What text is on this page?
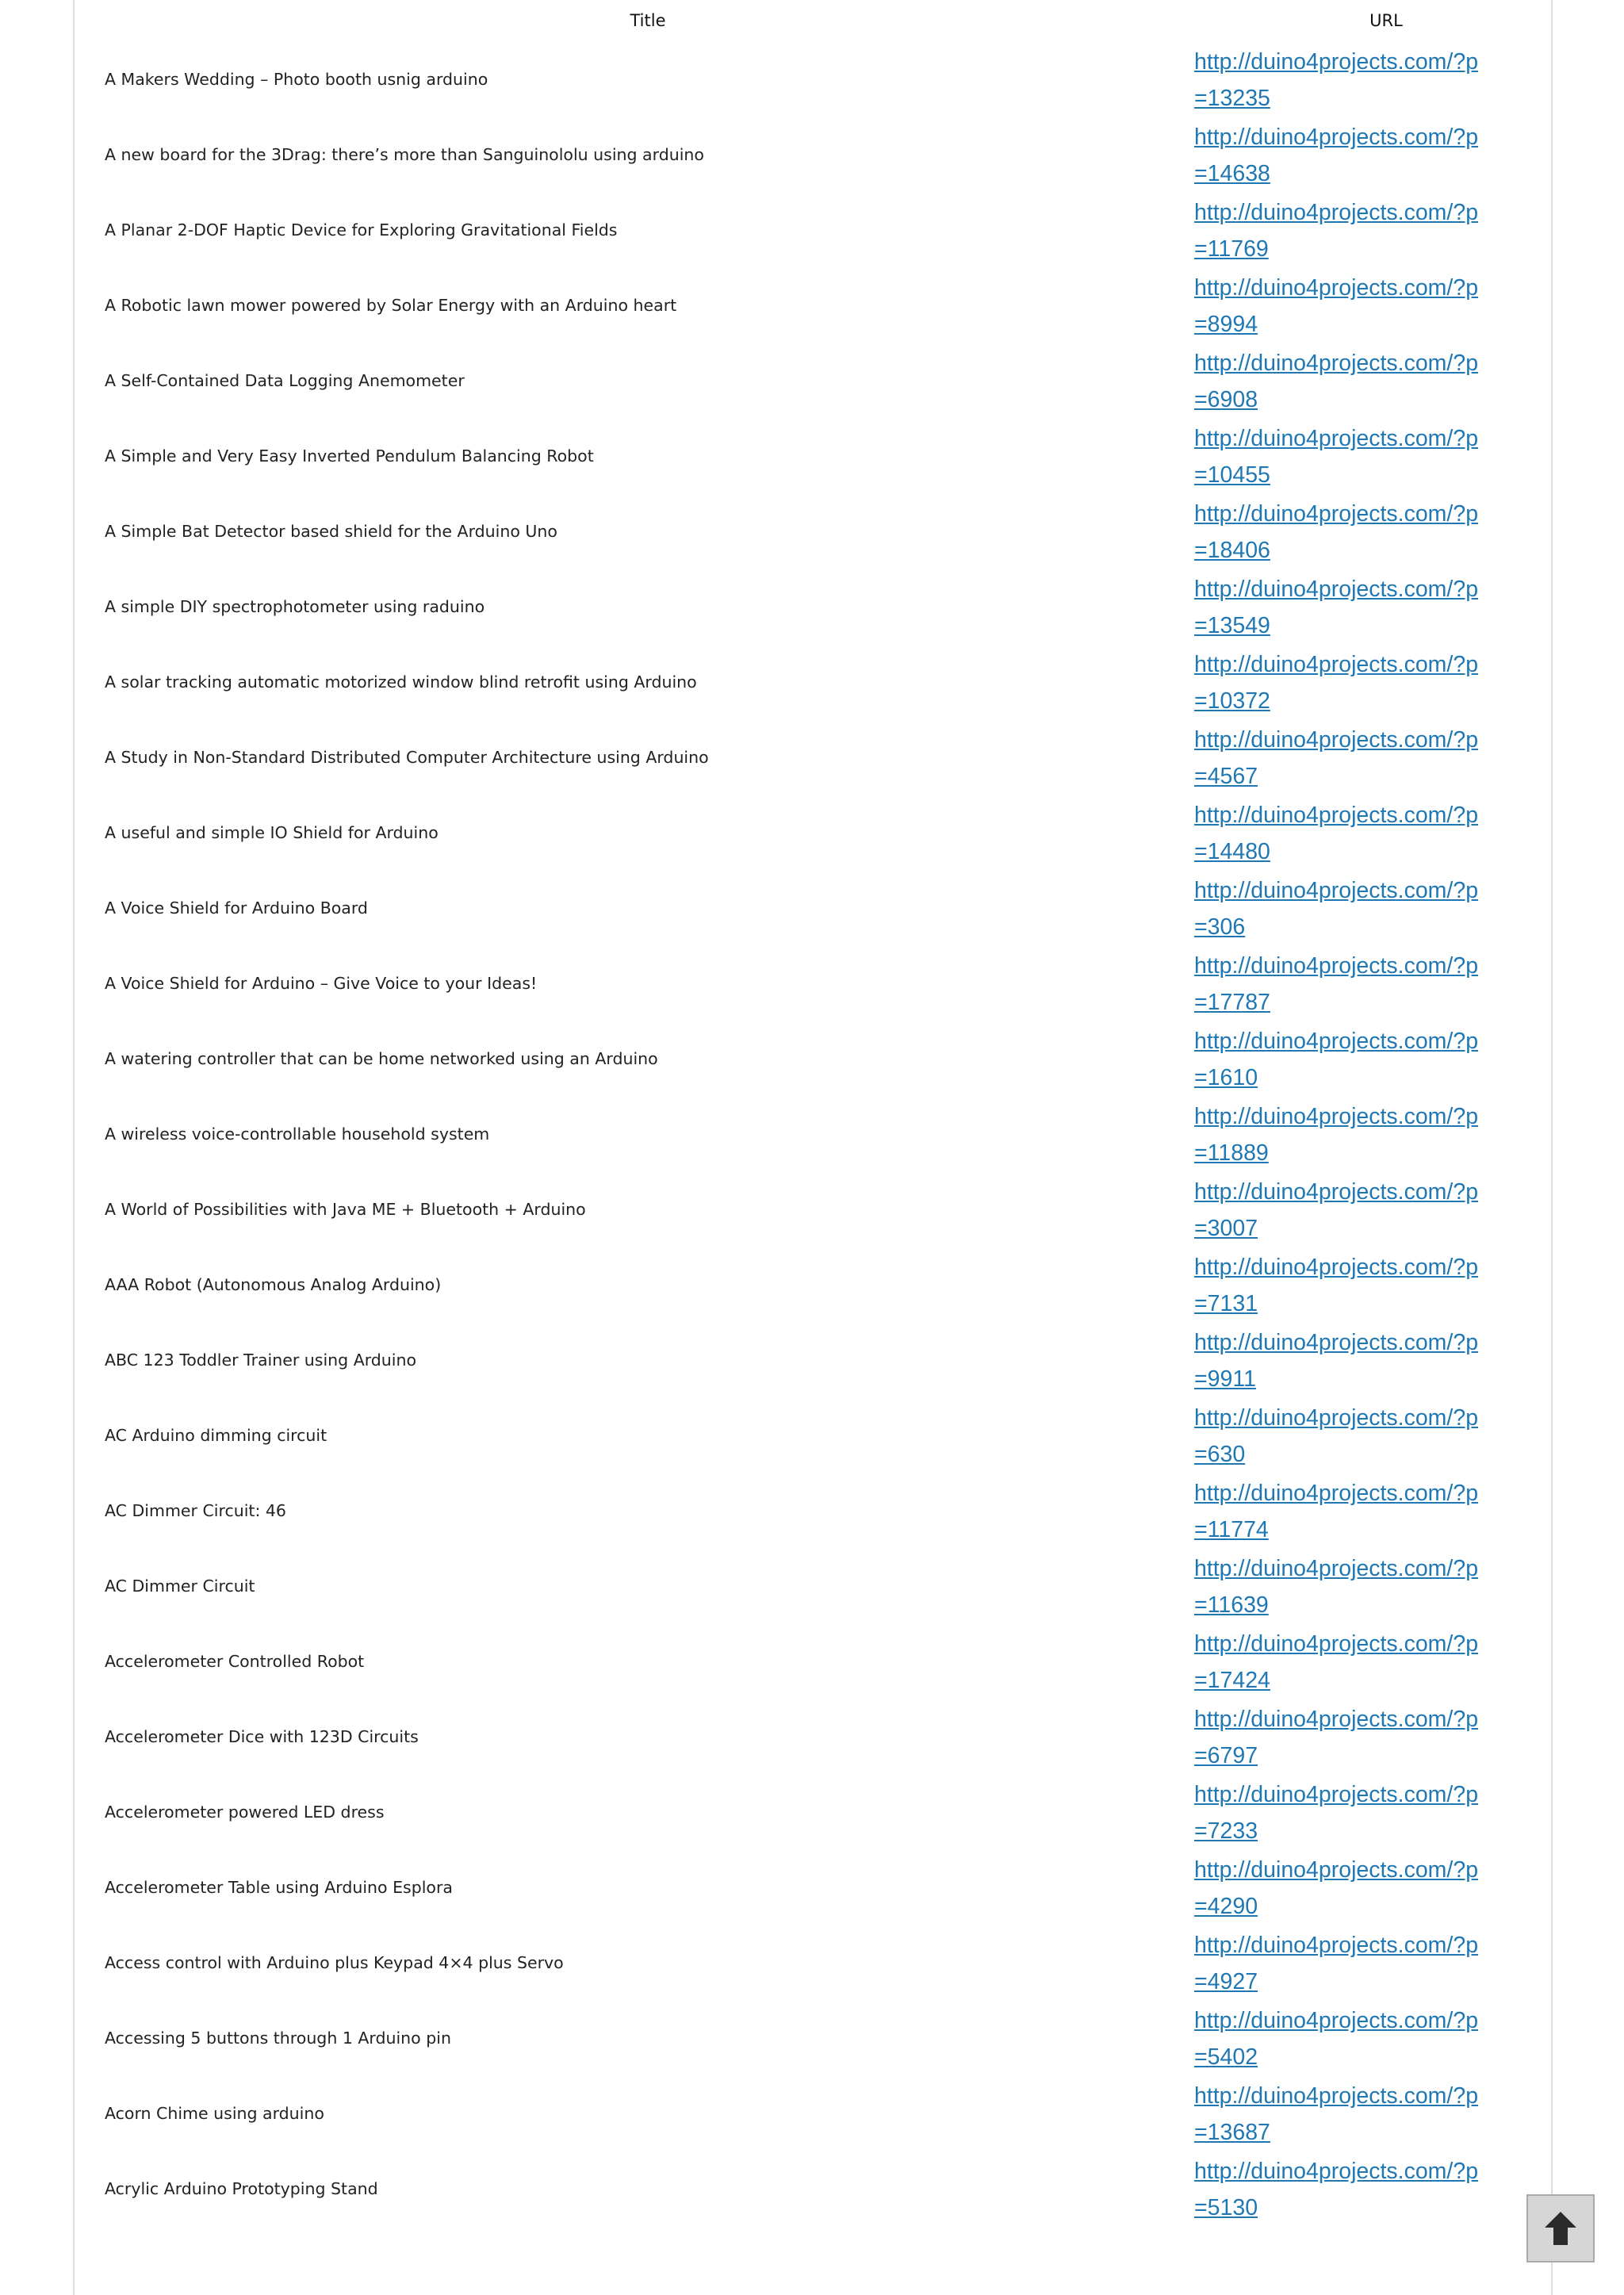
Title	URL
A Makers Wedding – Photo booth usnig arduino
http://duino4projects.com/?p=13235
A new board for the 3Drag: there’s more than Sanguinololu using arduino
http://duino4projects.com/?p=14638
A Planar 2-DOF Haptic Device for Exploring Gravitational Fields
http://duino4projects.com/?p=11769
A Robotic lawn mower powered by Solar Energy with an Arduino heart
http://duino4projects.com/?p=8994
A Self-Contained Data Logging Anemometer
http://duino4projects.com/?p=6908
A Simple and Very Easy Inverted Pendulum Balancing Robot
http://duino4projects.com/?p=10455
A Simple Bat Detector based shield for the Arduino Uno
http://duino4projects.com/?p=18406
A simple DIY spectrophotometer using raduino
http://duino4projects.com/?p=13549
A solar tracking automatic motorized window blind retrofit using Arduino
http://duino4projects.com/?p=10372
A Study in Non-Standard Distributed Computer Architecture using Arduino
http://duino4projects.com/?p=4567
A useful and simple IO Shield for Arduino
http://duino4projects.com/?p=14480
A Voice Shield for Arduino Board
http://duino4projects.com/?p=306
A Voice Shield for Arduino – Give Voice to your Ideas!
http://duino4projects.com/?p=17787
A watering controller that can be home networked using an Arduino
http://duino4projects.com/?p=1610
A wireless voice-controllable household system
http://duino4projects.com/?p=11889
A World of Possibilities with Java ME + Bluetooth + Arduino
http://duino4projects.com/?p=3007
AAA Robot (Autonomous Analog Arduino)
http://duino4projects.com/?p=7131
ABC 123 Toddler Trainer using Arduino
http://duino4projects.com/?p=9911
AC Arduino dimming circuit
http://duino4projects.com/?p=630
AC Dimmer Circuit: 46
http://duino4projects.com/?p=11774
AC Dimmer Circuit
http://duino4projects.com/?p=11639
Accelerometer Controlled Robot
http://duino4projects.com/?p=17424
Accelerometer Dice with 123D Circuits
http://duino4projects.com/?p=6797
Accelerometer powered LED dress
http://duino4projects.com/?p=7233
Accelerometer Table using Arduino Esplora
http://duino4projects.com/?p=4290
Access control with Arduino plus Keypad 4×4 plus Servo
http://duino4projects.com/?p=4927
Accessing 5 buttons through 1 Arduino pin
http://duino4projects.com/?p=5402
Acorn Chime using arduino
http://duino4projects.com/?p=13687
Acrylic Arduino Prototyping Stand
http://duino4projects.com/?p=5130
